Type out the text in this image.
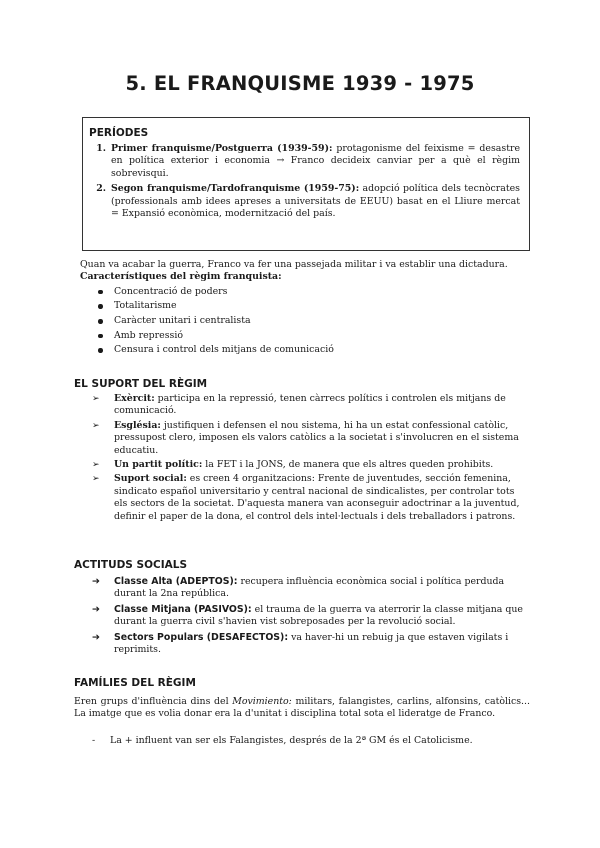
5. EL FRANQUISME 1939 - 1975
PERÍODES
1. Primer franquisme/Postguerra (1939-59): protagonisme del feixisme = desastre en política exterior i economia → Franco decideix canviar per a què el règim sobrevisqui.
2. Segon franquisme/Tardofranquisme (1959-75): adopció política dels tecnòcrates (professionals amb idees apreses a universitats de EEUU) basat en el Lliure mercat = Expansió econòmica, modernització del país.
Quan va acabar la guerra, Franco va fer una passejada militar i va establir una dictadura.
Característiques del règim franquista:
Concentració de poders
Totalitarisme
Caràcter unitari i centralista
Amb repressió
Censura i control dels mitjans de comunicació
EL SUPORT DEL RÈGIM
➢	Exèrcit: participa en la repressió, tenen càrrecs polítics i controlen els mitjans de comunicació.
➢	Església: justifiquen i defensen el nou sistema, hi ha un estat confessional catòlic, pressupost clero, imposen els valors catòlics a la societat i s'involucren en el sistema educatiu.
➢	Un partit polític: la FET i la JONS, de manera que els altres queden prohibits.
➢	Suport social: es creen 4 organitzacions: Frente de juventudes, sección femenina, sindicato español universitario y central nacional de sindicalistes, per controlar tots els sectors de la societat. D'aquesta manera van aconseguir adoctrinar a la juventud, definir el paper de la dona, el control dels intel·lectuals i dels treballadors i patrons.
ACTITUDS SOCIALS
➔	Classe Alta (ADEPTOS): recupera influència econòmica social i política perduda durant la 2na república.
➔	Classe Mitjana (PASIVOS): el trauma de la guerra va aterrorir la classe mitjana que durant la guerra civil s'havien vist sobreposades per la revolució social.
➔	Sectors Populars (DESAFECTOS): va haver-hi un rebuig ja que estaven vigilats i reprimits.
FAMÍLIES DEL RÈGIM
Eren grups d'influència dins del Movimiento: militars, falangistes, carlins, alfonsins, catòlics... La imatge que es volia donar era la d'unitat i disciplina total sota el lideratge de Franco.
-	La + influent van ser els Falangistes, després de la 2ª GM és el Catolicisme.
